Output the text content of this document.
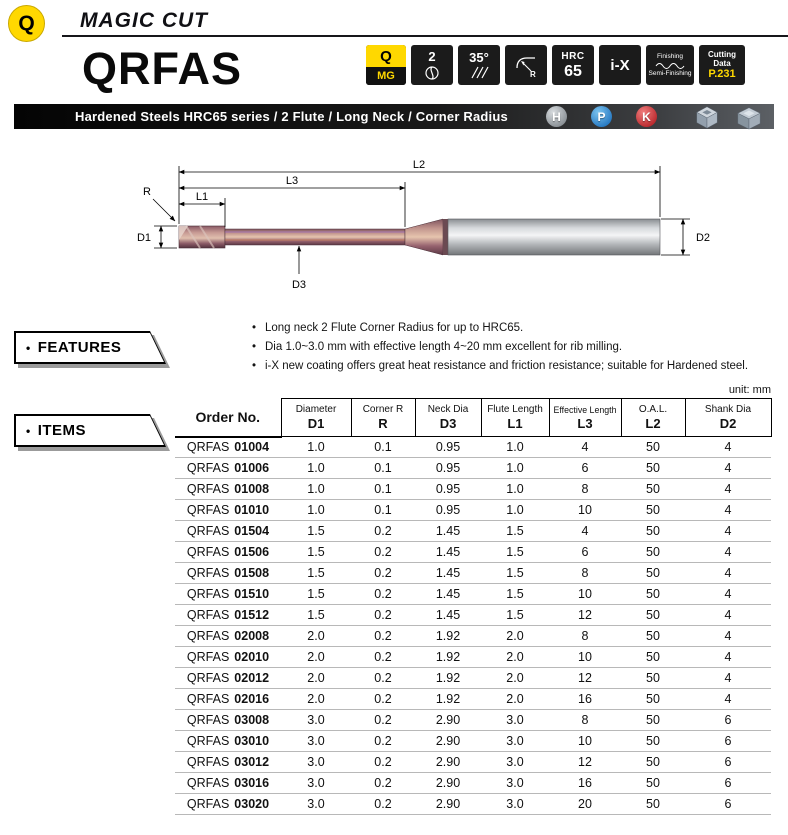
Q MAGIC CUT
QRFAS	Q
MG
2	35°
R
HRC
65 i-X	Finishing
Semi-Finishing
Cutting
Data
P.231
Hardened Steels HRC65 series / 2 Flute / Long Neck / Corner Radius	H	P	K
L2
L3
L1
R
D1	D2
D3
• FEATURES
• Long neck 2 Flute Corner Radius for up to HRC65.
• Dia 1.0~3.0 mm with effective length 4~20 mm excellent for rib milling.
• i-X new coating offers great heat resistance and friction resistance; suitable for Hardened steel.
• ITEMS
unit: mm
Order No.	Diameter
D1

Corner R
R

Neck Dia
D3

Flute Length
L1

Effective Length
L3

O.A.L.
L2

Shank Dia
D2

QRFAS 01004	1.0	0.1	0.95	1.0	4	50	4
QRFAS 01006	1.0	0.1	0.95	1.0	6	50	4
QRFAS 01008	1.0	0.1	0.95	1.0	8	50	4
QRFAS 01010	1.0	0.1	0.95	1.0	10	50	4
QRFAS 01504	1.5	0.2	1.45	1.5	4	50	4
QRFAS 01506	1.5	0.2	1.45	1.5	6	50	4
QRFAS 01508	1.5	0.2	1.45	1.5	8	50	4
QRFAS 01510	1.5	0.2	1.45	1.5	10	50	4
QRFAS 01512	1.5	0.2	1.45	1.5	12	50	4
QRFAS 02008	2.0	0.2	1.92	2.0	8	50	4
QRFAS 02010	2.0	0.2	1.92	2.0	10	50	4
QRFAS 02012	2.0	0.2	1.92	2.0	12	50	4
QRFAS 02016	2.0	0.2	1.92	2.0	16	50	4
QRFAS 03008	3.0	0.2	2.90	3.0	8	50	6
QRFAS 03010	3.0	0.2	2.90	3.0	10	50	6
QRFAS 03012	3.0	0.2	2.90	3.0	12	50	6
QRFAS 03016	3.0	0.2	2.90	3.0	16	50	6
QRFAS 03020	3.0	0.2	2.90	3.0	20	50	6
